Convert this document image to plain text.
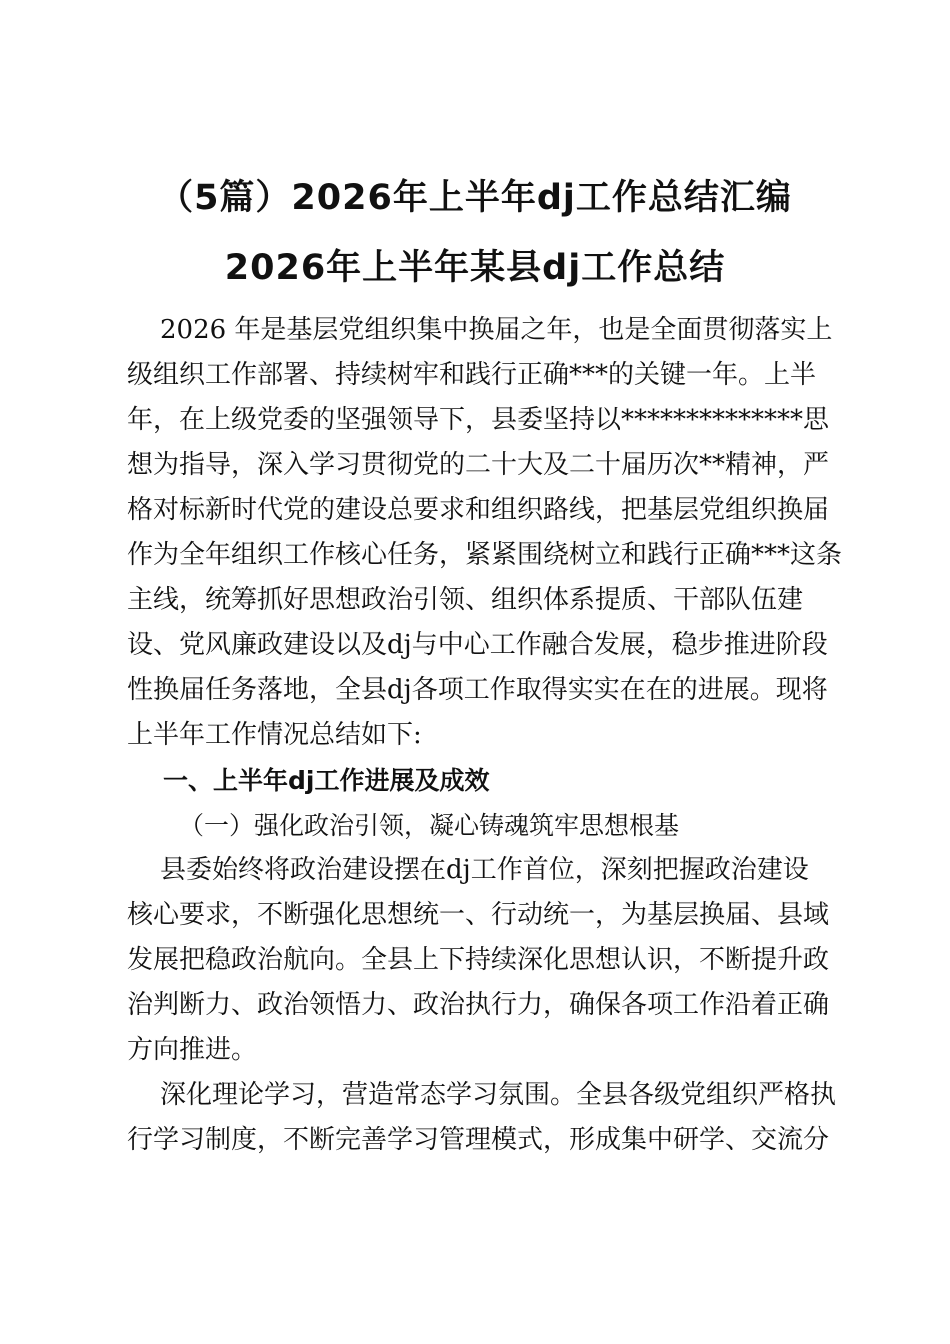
（5篇）2026年上半年dj工作总结汇编
2026年上半年某县dj工作总结
2026 年是基层党组织集中换届之年，也是全面贯彻落实上
级组织工作部署、持续树牢和践行正确***的关键一年。上半
年，在上级党委的坚强领导下，县委坚持以**************思
想为指导，深入学习贯彻党的二十大及二十届历次**精神，严
格对标新时代党的建设总要求和组织路线，把基层党组织换届
作为全年组织工作核心任务，紧紧围绕树立和践行正确***这条
主线，统筹抓好思想政治引领、组织体系提质、干部队伍建
设、党风廉政建设以及dj与中心工作融合发展，稳步推进阶段
性换届任务落地，全县dj各项工作取得实实在在的进展。现将
上半年工作情况总结如下:
一、上半年dj工作进展及成效
（一）强化政治引领，凝心铸魂筑牢思想根基
县委始终将政治建设摆在dj工作首位，深刻把握政治建设
核心要求，不断强化思想统一、行动统一，为基层换届、县域
发展把稳政治航向。全县上下持续深化思想认识，不断提升政
治判断力、政治领悟力、政治执行力，确保各项工作沿着正确
方向推进。
深化理论学习，营造常态学习氛围。全县各级党组织严格执
行学习制度，不断完善学习管理模式，形成集中研学、交流分
